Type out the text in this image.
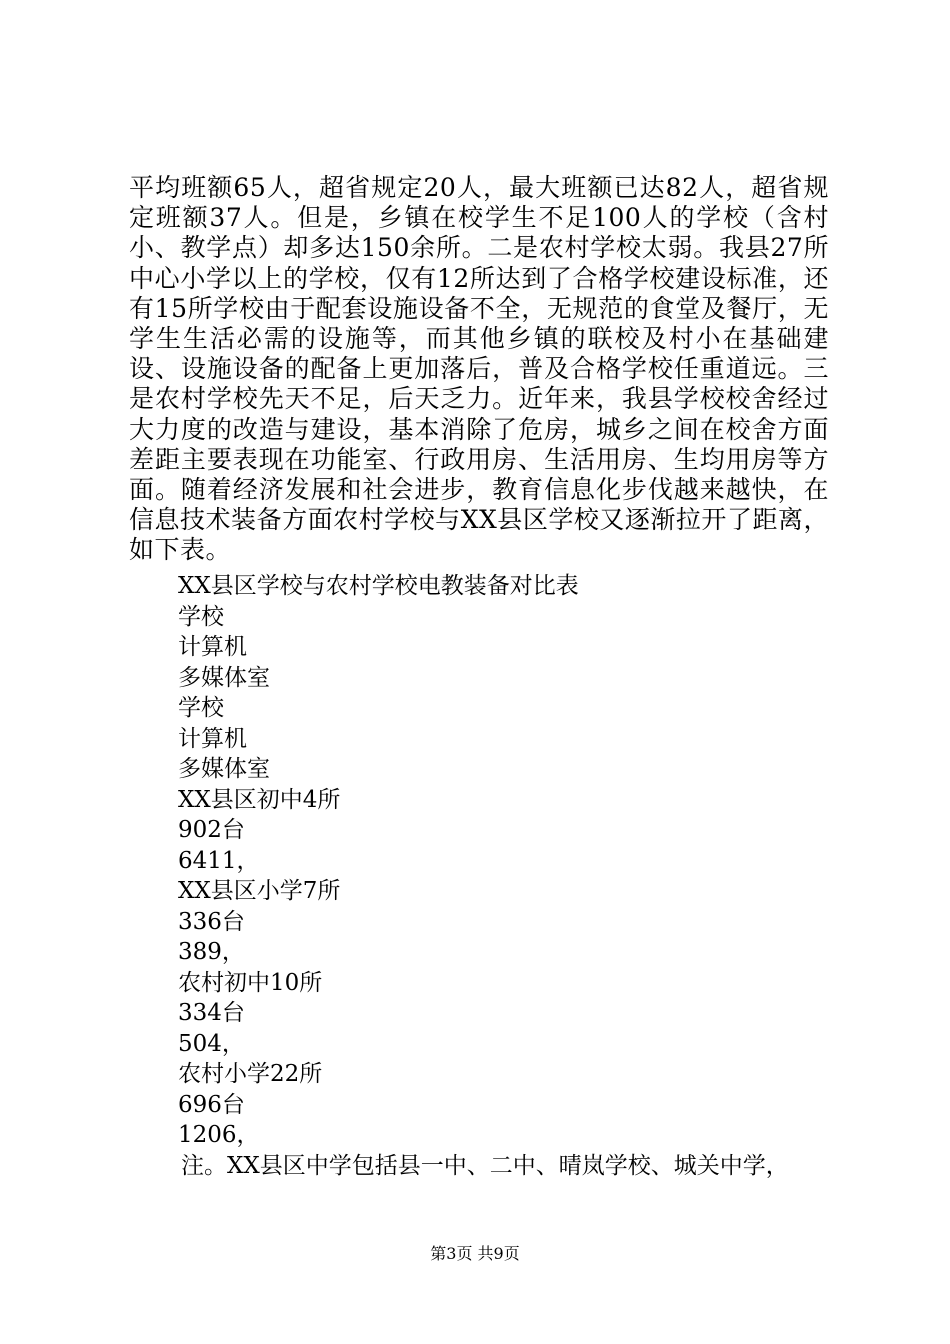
平均班额65人，超省规定20人，最大班额已达82人，超省规定班额37人。但是，乡镇在校学生不足100人的学校（含村小、教学点）却多达150余所。二是农村学校太弱。我县27所中心小学以上的学校，仅有12所达到了合格学校建设标准，还有15所学校由于配套设施设备不全，无规范的食堂及餐厅，无学生生活必需的设施等，而其他乡镇的联校及村小在基础建设、设施设备的配备上更加落后，普及合格学校任重道远。三是农村学校先天不足，后天乏力。近年来，我县学校校舍经过大力度的改造与建设，基本消除了危房，城乡之间在校舍方面差距主要表现在功能室、行政用房、生活用房、生均用房等方面。随着经济发展和社会进步，教育信息化步伐越来越快，在信息技术装备方面农村学校与XX县区学校又逐渐拉开了距离，如下表。

XX县区学校与农村学校电教装备对比表
学校
计算机
多媒体室
学校
计算机
多媒体室
XX县区初中4所
902台
6411，
XX县区小学7所
336台
389，
农村初中10所
334台
504，
农村小学22所
696台
1206，
注。XX县区中学包括县一中、二中、晴岚学校、城关中学，
第3页 共9页
